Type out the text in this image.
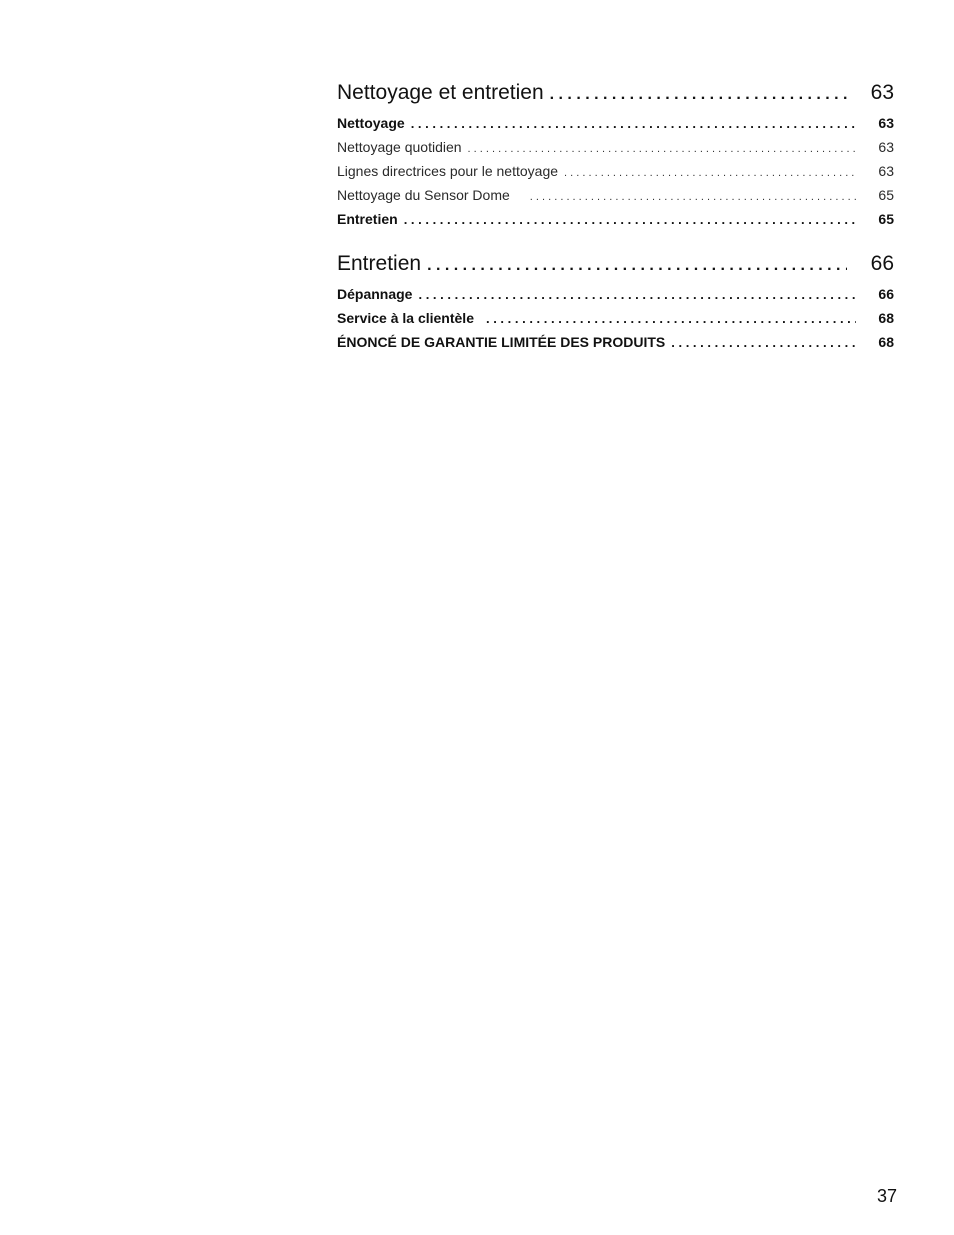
Nettoyage et entretien . . .	63
Nettoyage . . .	63
Nettoyage quotidien . . .	63
Lignes directrices pour le nettoyage . . .	63
Nettoyage du Sensor Dome . . .	65
Entretien . . .	65
Entretien . . .	66
Dépannage . . .	66
Service à la clientèle . . .	68
ÉNONCÉ DE GARANTIE LIMITÉE DES PRODUITS . . .	68
37
